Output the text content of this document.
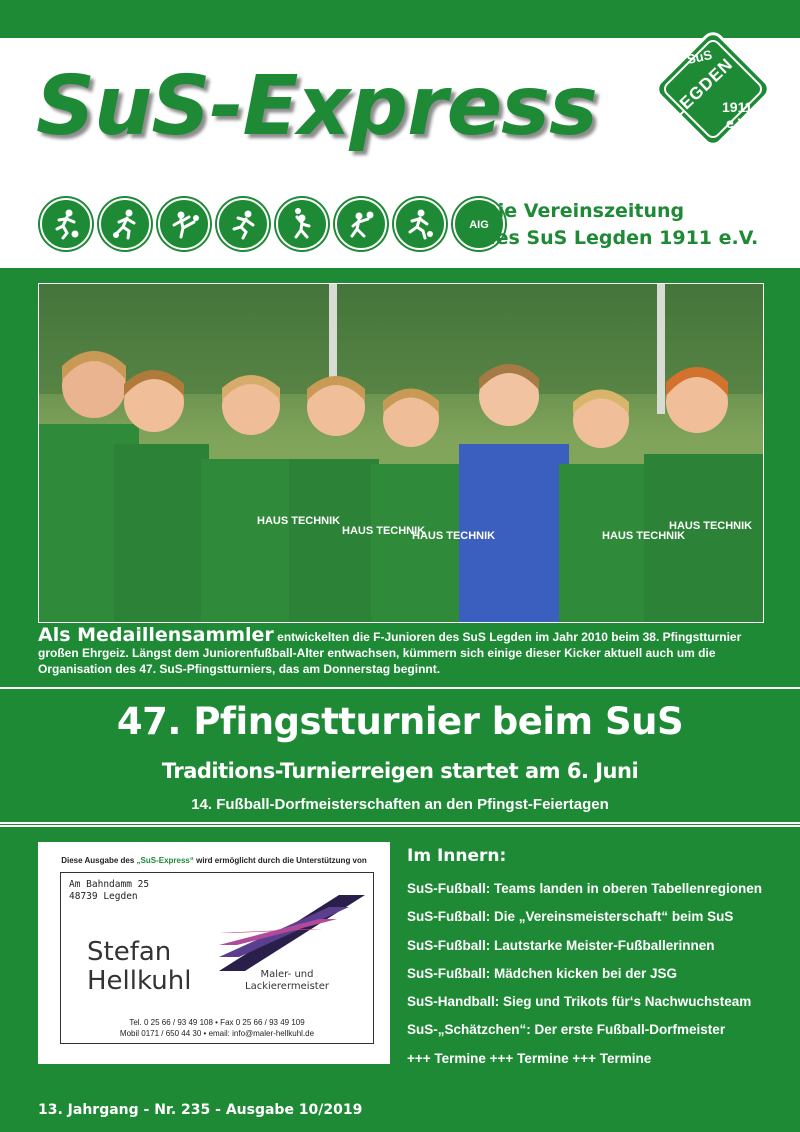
SuS-Express
SuS
LEGDEN
1911
e.V.
AIG
Die Vereinszeitung
des SuS Legden 1911 e.V.
HAUS TECHNIK
HAUS TECHNIK
HAUS TECHNIK	HAUS TECHNIK
HAUS TECHNIK
Als Medaillensammler entwickelten die F-Junioren des SuS Legden im Jahr 2010 beim 38. Pfingstturnier großen Ehrgeiz. Längst dem Juniorenfußball-Alter entwachsen, kümmern sich einige dieser Kicker aktuell auch um die Organisation des 47. SuS-Pfingstturniers, das am Donnerstag beginnt.
47. Pfingstturnier beim SuS
Traditions-Turnierreigen startet am 6. Juni
14. Fußball-Dorfmeisterschaften an den Pfingst-Feiertagen
Diese Ausgabe des „SuS-Express“ wird ermöglicht durch die Unterstützung von
Am Bahndamm 25
48739 Legden
Stefan
Hellkuhl	Maler- und
Lackierermeister
Tel. 0 25 66 / 93 49 108 • Fax 0 25 66 / 93 49 109
Mobil 0171 / 650 44 30 • email: info@maler-hellkuhl.de
Im Innern:
SuS-Fußball: Teams landen in oberen Tabellenregionen
SuS-Fußball: Die „Vereinsmeisterschaft“ beim SuS
SuS-Fußball: Lautstarke Meister-Fußballerinnen
SuS-Fußball: Mädchen kicken bei der JSG
SuS-Handball: Sieg und Trikots für‘s Nachwuchsteam
SuS-„Schätzchen“: Der erste Fußball-Dorfmeister
+++ Termine +++ Termine +++ Termine
13. Jahrgang - Nr. 235 - Ausgabe 10/2019
